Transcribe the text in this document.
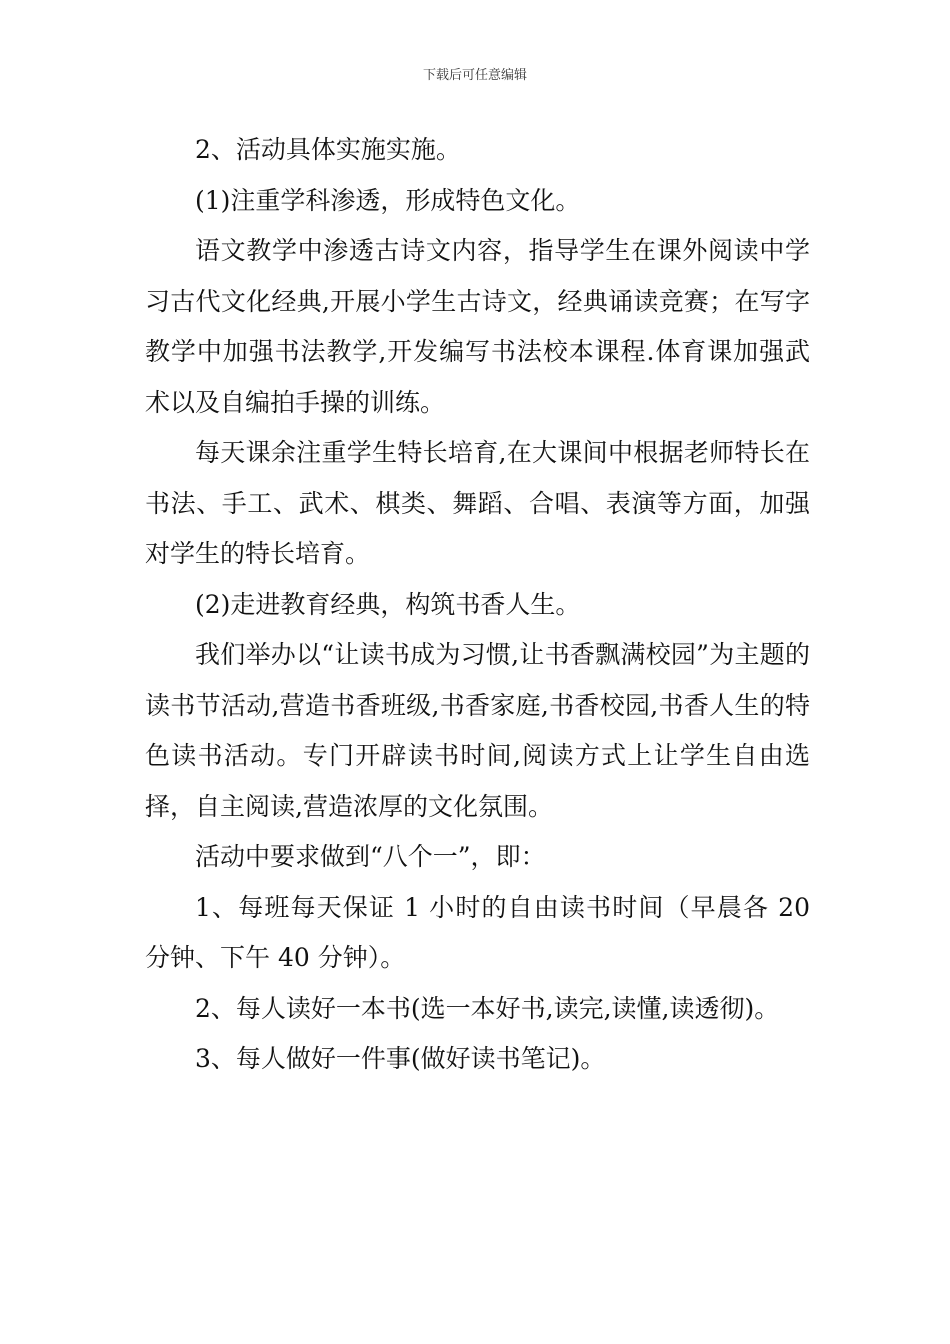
下载后可任意编辑

2、活动具体实施实施。

(1)注重学科渗透，形成特色文化。

语文教学中渗透古诗文内容，指导学生在课外阅读中学习古代文化经典,开展小学生古诗文，经典诵读竞赛；在写字教学中加强书法教学,开发编写书法校本课程.体育课加强武术以及自编拍手操的训练。

每天课余注重学生特长培育,在大课间中根据老师特长在书法、手工、武术、棋类、舞蹈、合唱、表演等方面，加强对学生的特长培育。

(2)走进教育经典，构筑书香人生。

我们举办以“让读书成为习惯,让书香飘满校园”为主题的读书节活动,营造书香班级,书香家庭,书香校园,书香人生的特色读书活动。专门开辟读书时间,阅读方式上让学生自由选择，自主阅读,营造浓厚的文化氛围。

活动中要求做到“八个一”，即：

1、每班每天保证 1 小时的自由读书时间（早晨各 20 分钟、下午 40 分钟）。

2、每人读好一本书(选一本好书,读完,读懂,读透彻)。

3、每人做好一件事(做好读书笔记)。
